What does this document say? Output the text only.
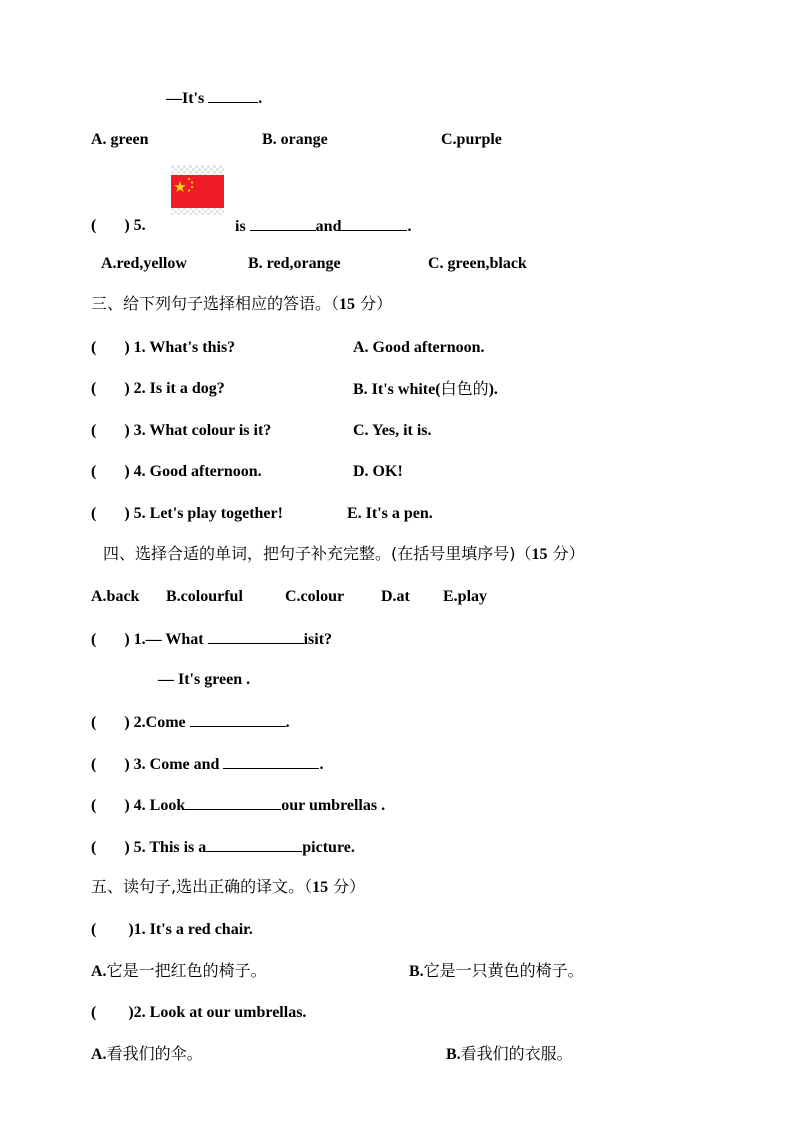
—It's	.
A. green	B. orange	C.purple
(       ) 5.	is	and	.
A.red,yellow	B. red,orange	C. green,black
三、给下列句子选择相应的答语。（15 分）
(       ) 1. What's this?	A. Good afternoon.
(       ) 2. Is it a dog?	B. It's white(白色的).
(       ) 3. What colour is it?	C. Yes, it is.
(       ) 4. Good afternoon.	D. OK!
(       ) 5. Let's play together!	E. It's a pen.
四、选择合适的单词，把句子补充完整。(在括号里填序号)（15 分）
A.back B.colourful	C.colour D.at E.play
(       ) 1.— What	isit?
— It's green .
(       ) 2.Come	.
(       ) 3. Come and	.
(       ) 4. Look	our umbrellas .
(       ) 5. This is a	picture.
五、读句子,选出正确的译文。（15 分）
(        )1. It's a red chair.
A.它是一把红色的椅子。	B.它是一只黄色的椅子。
(        )2. Look at our umbrellas.
A.看我们的伞。	B.看我们的衣服。
